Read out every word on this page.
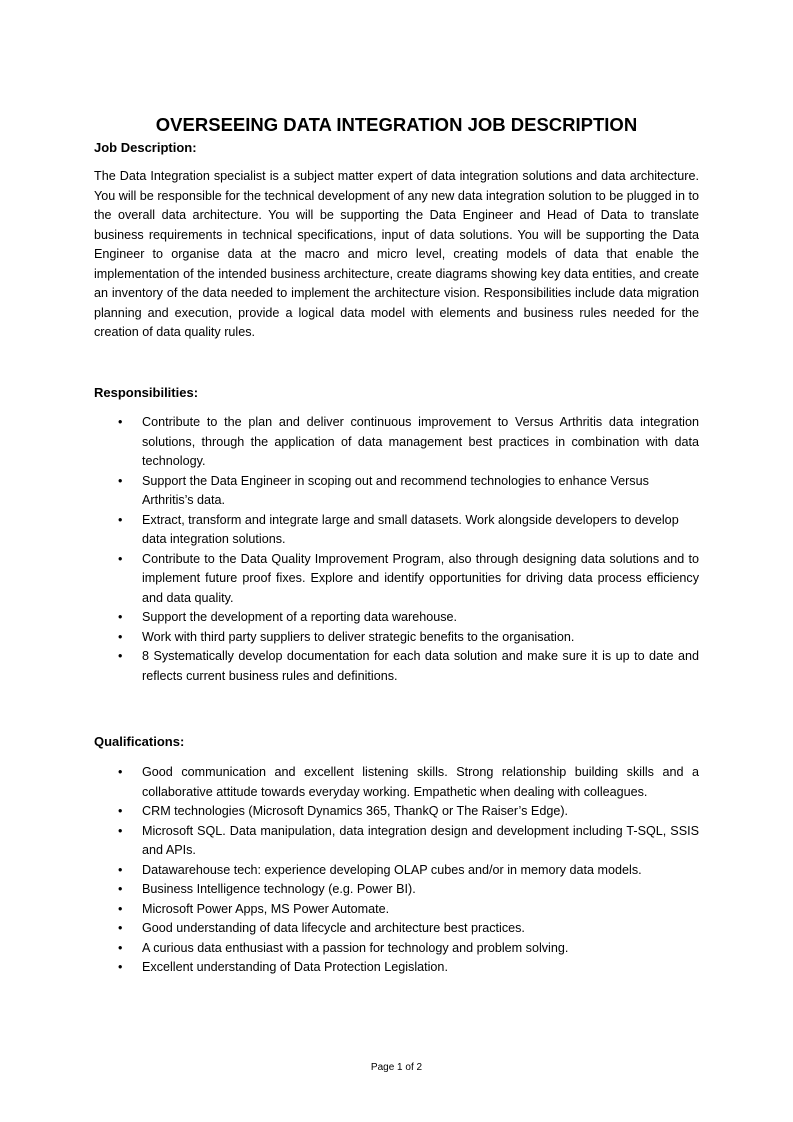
OVERSEEING DATA INTEGRATION JOB DESCRIPTION
Job Description:

The Data Integration specialist is a subject matter expert of data integration solutions and data architecture. You will be responsible for the technical development of any new data integration solution to be plugged in to the overall data architecture. You will be supporting the Data Engineer and Head of Data to translate business requirements in technical specifications, input of data solutions. You will be supporting the Data Engineer to organise data at the macro and micro level, creating models of data that enable the implementation of the intended business architecture, create diagrams showing key data entities, and create an inventory of the data needed to implement the architecture vision. Responsibilities include data migration planning and execution, provide a logical data model with elements and business rules needed for the creation of data quality rules.

Responsibilities:
• Contribute to the plan and deliver continuous improvement to Versus Arthritis data integration solutions, through the application of data management best practices in combination with data technology.
• Support the Data Engineer in scoping out and recommend technologies to enhance Versus Arthritis’s data.
• Extract, transform and integrate large and small datasets. Work alongside developers to develop data integration solutions.
• Contribute to the Data Quality Improvement Program, also through designing data solutions and to implement future proof fixes. Explore and identify opportunities for driving data process efficiency and data quality.
• Support the development of a reporting data warehouse.
• Work with third party suppliers to deliver strategic benefits to the organisation.
• 8 Systematically develop documentation for each data solution and make sure it is up to date and reflects current business rules and definitions.
Qualifications:
• Good communication and excellent listening skills. Strong relationship building skills and a collaborative attitude towards everyday working. Empathetic when dealing with colleagues.
• CRM technologies (Microsoft Dynamics 365, ThankQ or The Raiser’s Edge).
• Microsoft SQL. Data manipulation, data integration design and development including T-SQL, SSIS and APIs.
• Datawarehouse tech: experience developing OLAP cubes and/or in memory data models.
• Business Intelligence technology (e.g. Power BI).
• Microsoft Power Apps, MS Power Automate.
• Good understanding of data lifecycle and architecture best practices.
• A curious data enthusiast with a passion for technology and problem solving.
• Excellent understanding of Data Protection Legislation.
Page 1 of 2
